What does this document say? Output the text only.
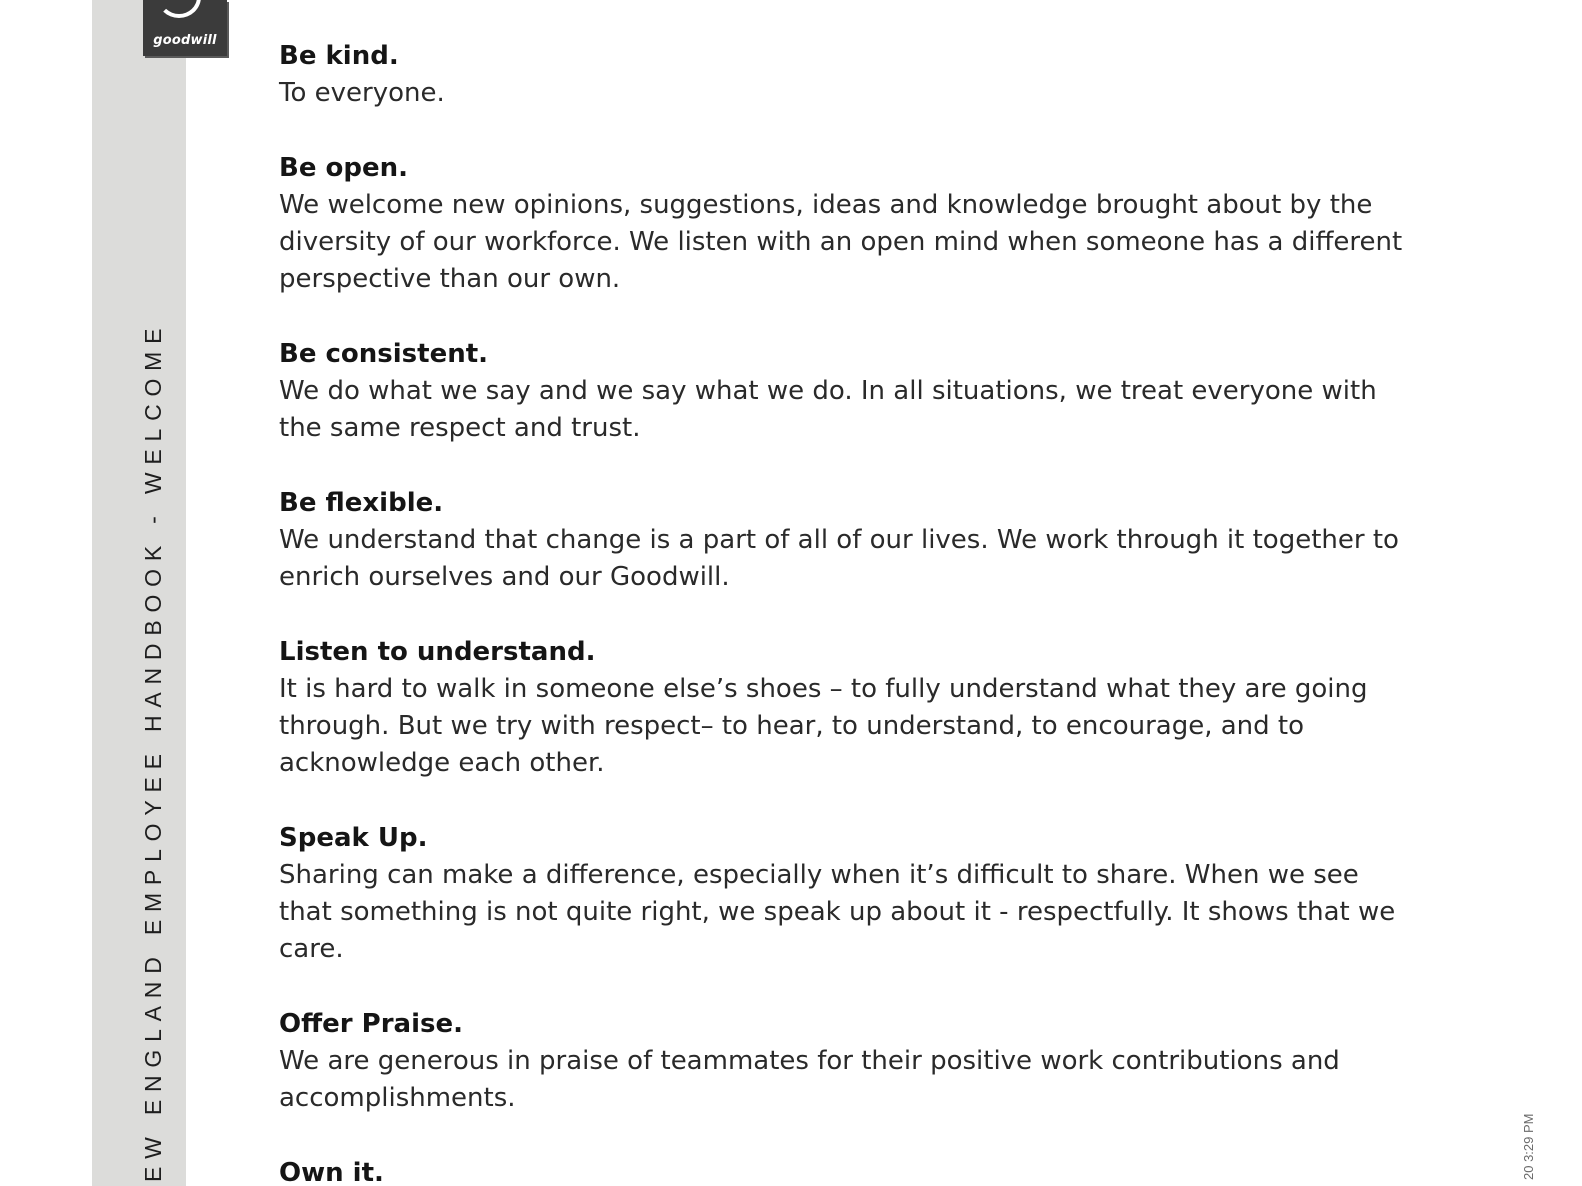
EW ENGLAND EMPLOYEE HANDBOOK - WELCOME
goodwill
Be kind.
To everyone.
Be open.
We welcome new opinions, suggestions, ideas and knowledge brought about by the
diversity of our workforce. We listen with an open mind when someone has a different
perspective than our own.
Be consistent.
We do what we say and we say what we do. In all situations, we treat everyone with
the same respect and trust.
Be flexible.
We understand that change is a part of all of our lives. We work through it together to
enrich ourselves and our Goodwill.
Listen to understand.
It is hard to walk in someone else’s shoes – to fully understand what they are going
through. But we try with respect– to hear, to understand, to encourage, and to
acknowledge each other.
Speak Up.
Sharing can make a difference, especially when it’s difficult to share. When we see
that something is not quite right, we speak up about it - respectfully. It shows that we
care.
Offer Praise.
We are generous in praise of teammates for their positive work contributions and
accomplishments.
Own it.	20 3:29 PM
